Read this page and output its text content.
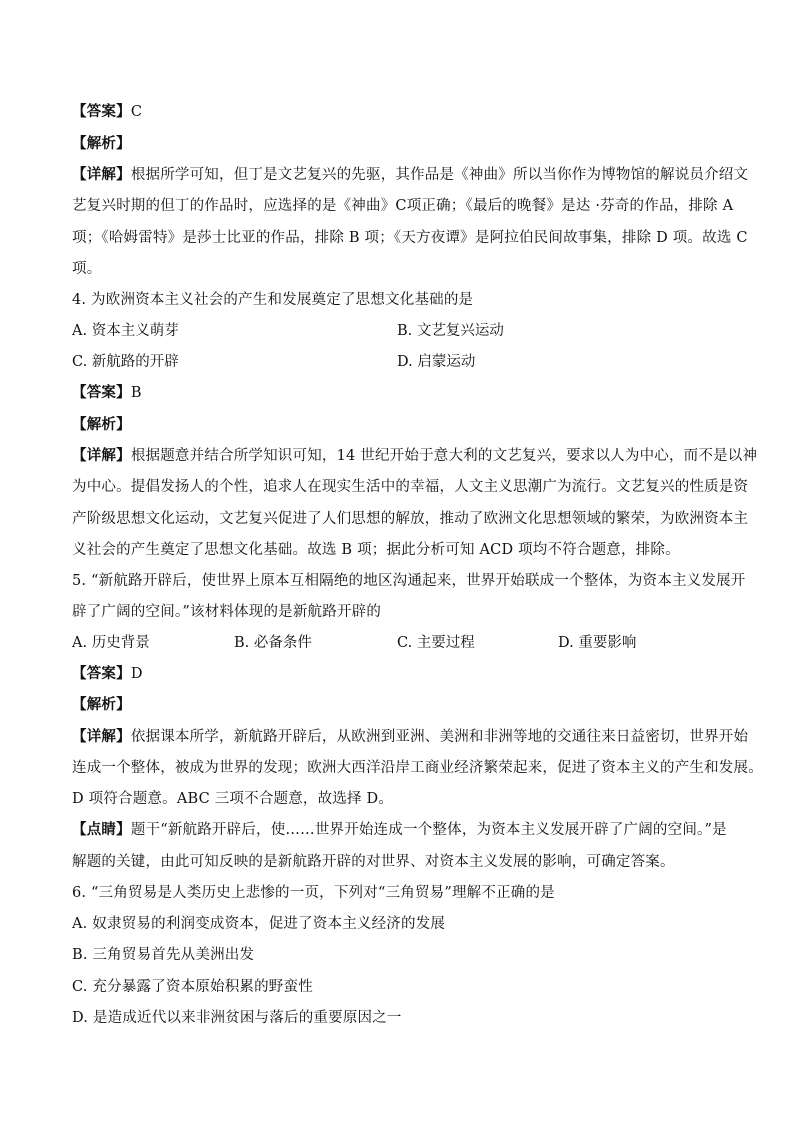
【答案】C
【解析】
【详解】根据所学可知，但丁是文艺复兴的先驱，其作品是《神曲》所以当你作为博物馆的解说员介绍文
艺复兴时期的但丁的作品时，应选择的是《神曲》C项正确；《最后的晚餐》是达 ·芬奇的作品，排除 A
项；《哈姆雷特》是莎士比亚的作品，排除 B 项；《天方夜谭》是阿拉伯民间故事集，排除 D 项。故选 C
项。
4. 为欧洲资本主义社会的产生和发展奠定了思想文化基础的是
A. 资本主义萌芽	B. 文艺复兴运动
C. 新航路的开辟	D. 启蒙运动
【答案】B
【解析】
【详解】根据题意并结合所学知识可知，14 世纪开始于意大利的文艺复兴，要求以人为中心，而不是以神
为中心。提倡发扬人的个性，追求人在现实生活中的幸福，人文主义思潮广为流行。文艺复兴的性质是资
产阶级思想文化运动，文艺复兴促进了人们思想的解放，推动了欧洲文化思想领域的繁荣，为欧洲资本主
义社会的产生奠定了思想文化基础。故选 B 项；据此分析可知 ACD 项均不符合题意，排除。
5. “新航路开辟后，使世界上原本互相隔绝的地区沟通起来，世界开始联成一个整体，为资本主义发展开
辟了广阔的空间。”该材料体现的是新航路开辟的
A. 历史背景	B. 必备条件	C. 主要过程	D. 重要影响
【答案】D
【解析】
【详解】依据课本所学，新航路开辟后，从欧洲到亚洲、美洲和非洲等地的交通往来日益密切，世界开始
连成一个整体，被成为世界的发现；欧洲大西洋沿岸工商业经济繁荣起来，促进了资本主义的产生和发展。
D 项符合题意。ABC 三项不合题意，故选择 D。
【点睛】题干“新航路开辟后，使……世界开始连成一个整体，为资本主义发展开辟了广阔的空间。”是
解题的关键，由此可知反映的是新航路开辟的对世界、对资本主义发展的影响，可确定答案。
6. “三角贸易是人类历史上悲惨的一页，下列对“三角贸易”理解不正确的是
A. 奴隶贸易的利润变成资本，促进了资本主义经济的发展
B. 三角贸易首先从美洲出发
C. 充分暴露了资本原始积累的野蛮性
D. 是造成近代以来非洲贫困与落后的重要原因之一
